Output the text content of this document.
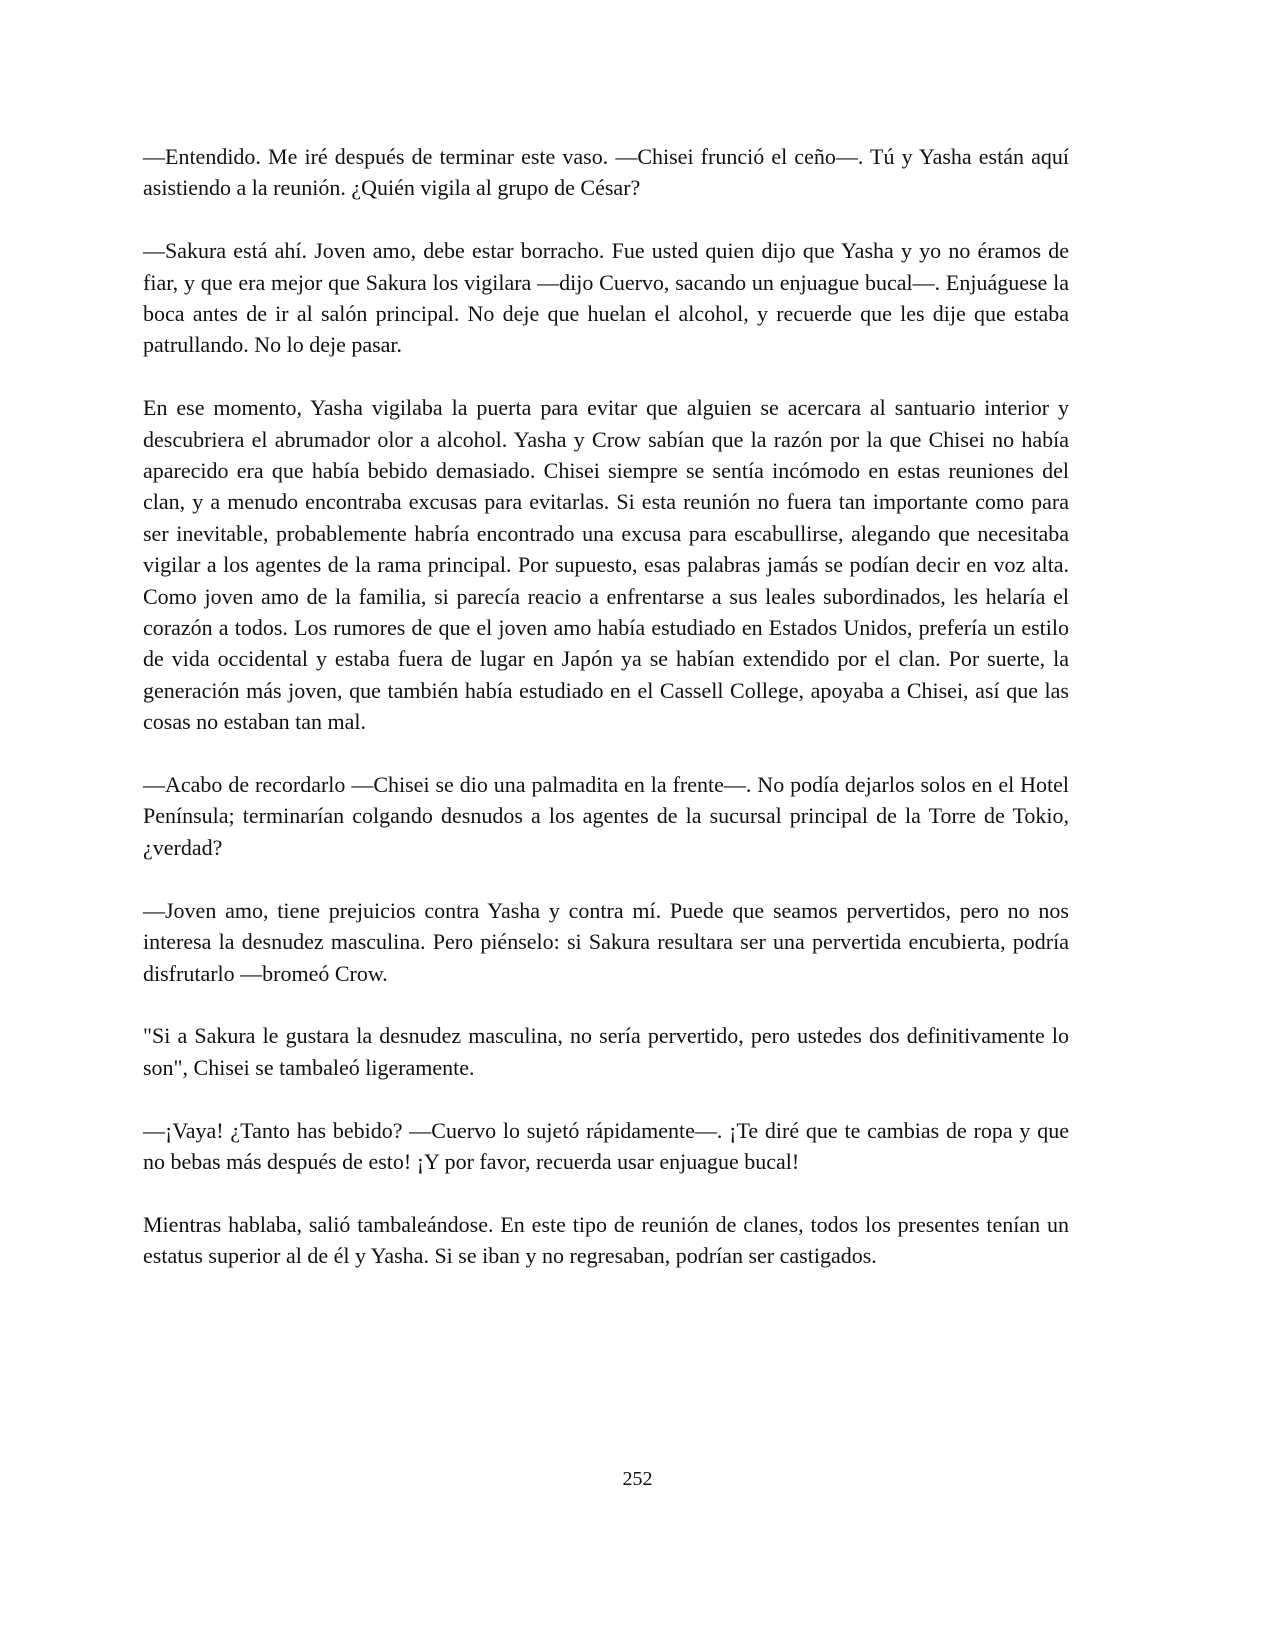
—Entendido. Me iré después de terminar este vaso. —Chisei frunció el ceño—. Tú y Yasha están aquí asistiendo a la reunión. ¿Quién vigila al grupo de César?

—Sakura está ahí. Joven amo, debe estar borracho. Fue usted quien dijo que Yasha y yo no éramos de fiar, y que era mejor que Sakura los vigilara —dijo Cuervo, sacando un enjuague bucal—. Enjuáguese la boca antes de ir al salón principal. No deje que huelan el alcohol, y recuerde que les dije que estaba patrullando. No lo deje pasar.

En ese momento, Yasha vigilaba la puerta para evitar que alguien se acercara al santuario interior y descubriera el abrumador olor a alcohol. Yasha y Crow sabían que la razón por la que Chisei no había aparecido era que había bebido demasiado. Chisei siempre se sentía incómodo en estas reuniones del clan, y a menudo encontraba excusas para evitarlas. Si esta reunión no fuera tan importante como para ser inevitable, probablemente habría encontrado una excusa para escabullirse, alegando que necesitaba vigilar a los agentes de la rama principal. Por supuesto, esas palabras jamás se podían decir en voz alta. Como joven amo de la familia, si parecía reacio a enfrentarse a sus leales subordinados, les helaría el corazón a todos. Los rumores de que el joven amo había estudiado en Estados Unidos, prefería un estilo de vida occidental y estaba fuera de lugar en Japón ya se habían extendido por el clan. Por suerte, la generación más joven, que también había estudiado en el Cassell College, apoyaba a Chisei, así que las cosas no estaban tan mal.

—Acabo de recordarlo —Chisei se dio una palmadita en la frente—. No podía dejarlos solos en el Hotel Península; terminarían colgando desnudos a los agentes de la sucursal principal de la Torre de Tokio, ¿verdad?

—Joven amo, tiene prejuicios contra Yasha y contra mí. Puede que seamos pervertidos, pero no nos interesa la desnudez masculina. Pero piénselo: si Sakura resultara ser una pervertida encubierta, podría disfrutarlo —bromeó Crow.

"Si a Sakura le gustara la desnudez masculina, no sería pervertido, pero ustedes dos definitivamente lo son", Chisei se tambaleó ligeramente.

—¡Vaya! ¿Tanto has bebido? —Cuervo lo sujetó rápidamente—. ¡Te diré que te cambias de ropa y que no bebas más después de esto! ¡Y por favor, recuerda usar enjuague bucal!

Mientras hablaba, salió tambaleándose. En este tipo de reunión de clanes, todos los presentes tenían un estatus superior al de él y Yasha. Si se iban y no regresaban, podrían ser castigados.

252
